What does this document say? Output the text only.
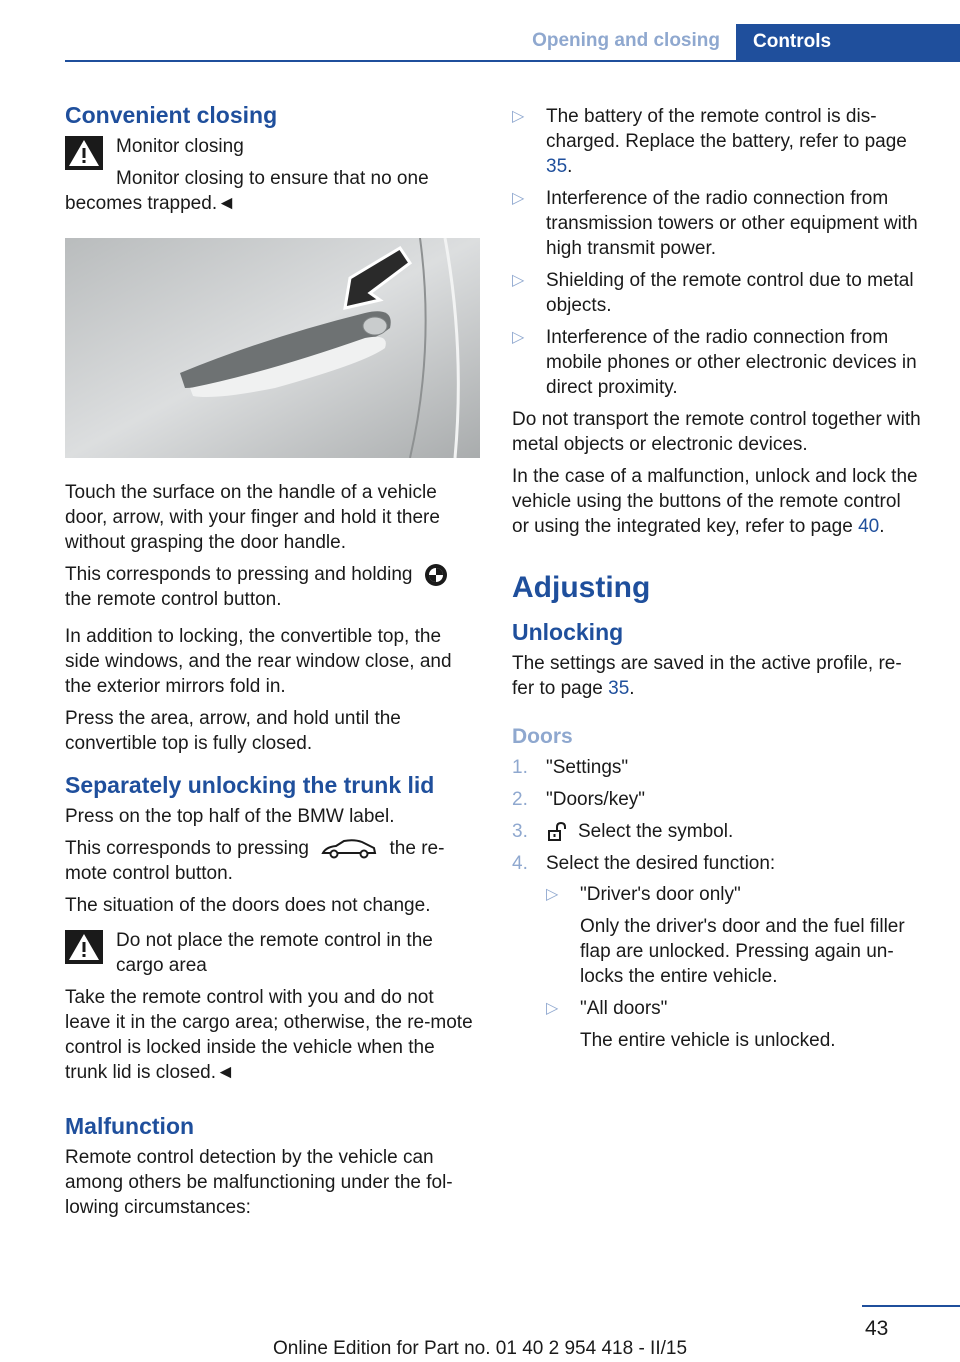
Opening and closing Controls
Convenient closing

Monitor closing

Monitor closing to ensure that no one

becomes trapped.◄

Touch the surface on the handle of a vehicle door, arrow, with your finger and hold it there without grasping the door handle.

This corresponds to pressing and holding
the remote control button.

In addition to locking, the convertible top, the side windows, and the rear window close, and the exterior mirrors fold in.

Press the area, arrow, and hold until the convertible top is fully closed.

Separately unlocking the trunk lid

Press on the top half of the BMW label.

This corresponds to pressing	the re-
mote control button.

The situation of the doors does not change.

Do not place the remote control in the cargo area

Take the remote control with you and do not leave it in the cargo area; otherwise, the re-mote control is locked inside the vehicle when the trunk lid is closed.◄

Malfunction

Remote control detection by the vehicle can among others be malfunctioning under the fol-lowing circumstances:

▷ The battery of the remote control is dis-charged. Replace the battery, refer to page 35.
▷ Interference of the radio connection from transmission towers or other equipment with high transmit power.
▷ Shielding of the remote control due to metal objects.
▷ Interference of the radio connection from mobile phones or other electronic devices in direct proximity.

Do not transport the remote control together with metal objects or electronic devices.

In the case of a malfunction, unlock and lock the vehicle using the buttons of the remote control or using the integrated key, refer to page 40.

Adjusting
Unlocking

The settings are saved in the active profile, re-fer to page 35.

Doors
1. "Settings"
2. "Doors/key"
3.	Select the symbol.
4. Select the desired function:
▷ "Driver's door only"

Only the driver's door and the fuel filler flap are unlocked. Pressing again un-locks the entire vehicle.

▷ "All doors"

The entire vehicle is unlocked.

43
Online Edition for Part no. 01 40 2 954 418 - II/15
